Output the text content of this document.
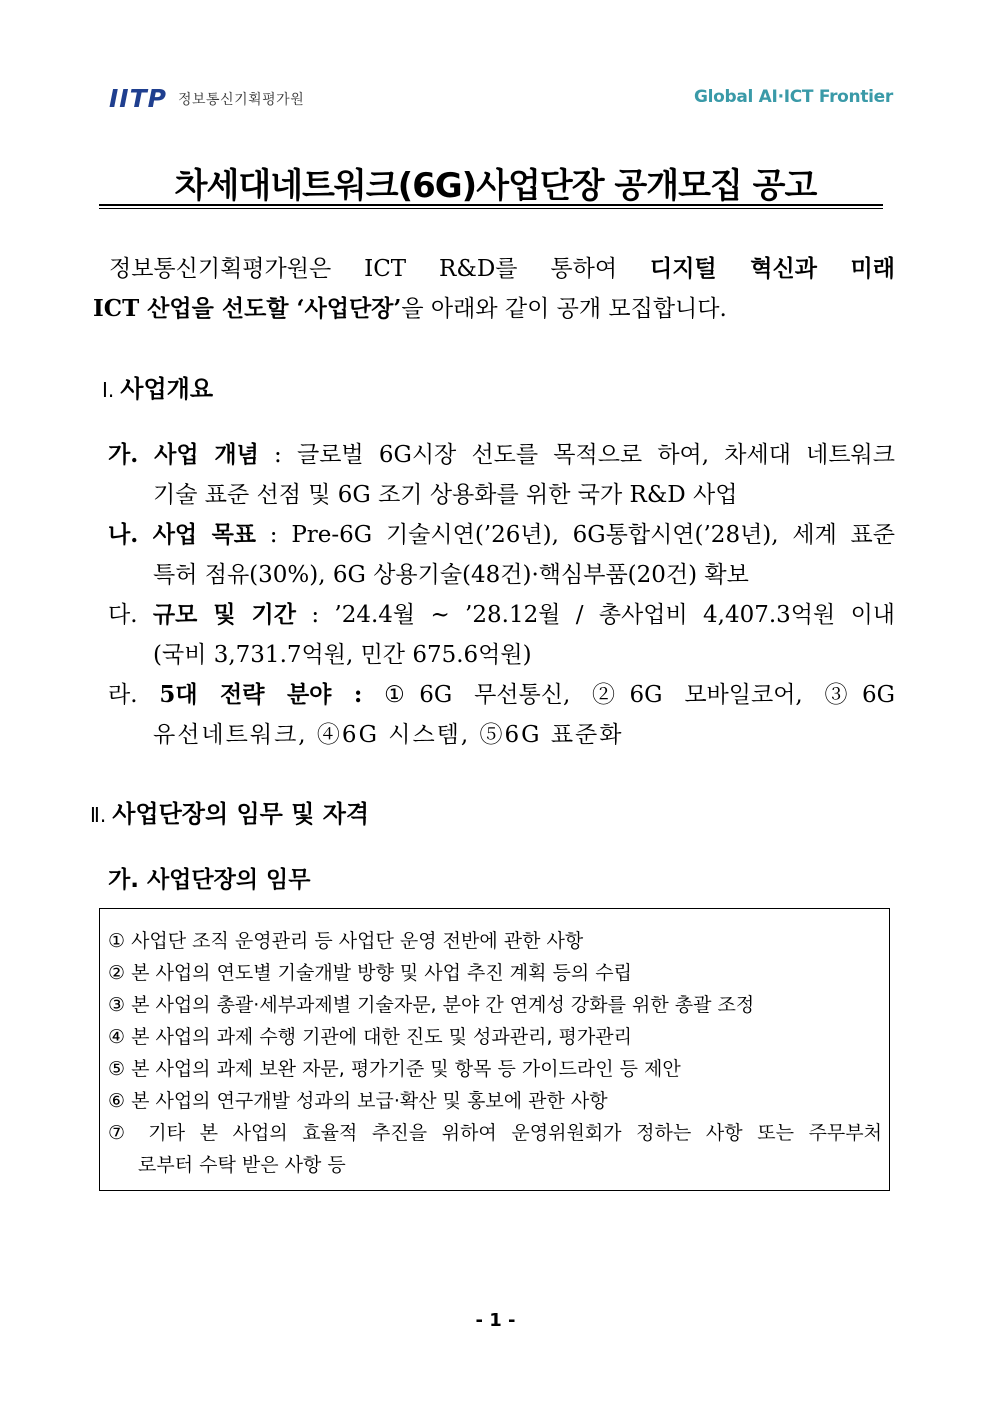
IITP 정보통신기획평가원	Global AI·ICT Frontier
차세대네트워크(6G)사업단장 공개모집 공고
정보통신기획평가원은 ICT R&D를 통하여 디지털 혁신과 미래
ICT 산업을 선도할 ‘사업단장’을 아래와 같이 공개 모집합니다.
Ⅰ. 사업개요
가. 사업 개념 : 글로벌 6G시장 선도를 목적으로 하여, 차세대 네트워크
기술 표준 선점 및 6G 조기 상용화를 위한 국가 R&D 사업
나. 사업 목표 : Pre-6G 기술시연(’26년), 6G통합시연(’28년), 세계 표준
특허 점유(30%), 6G 상용기술(48건)·핵심부품(20건) 확보
다. 규모 및 기간 : ’24.4월 ~ ’28.12월 / 총사업비 4,407.3억원 이내
(국비 3,731.7억원, 민간 675.6억원)
라. 5대 전략 분야 : ①6G 무선통신, ②6G 모바일코어, ③6G
유선네트워크, ④6G 시스템, ⑤6G 표준화
Ⅱ. 사업단장의 임무 및 자격
가. 사업단장의 임무
① 사업단 조직 운영관리 등 사업단 운영 전반에 관한 사항
② 본 사업의 연도별 기술개발 방향 및 사업 추진 계획 등의 수립
③ 본 사업의 총괄‧세부과제별 기술자문, 분야 간 연계성 강화를 위한 총괄 조정
④ 본 사업의 과제 수행 기관에 대한 진도 및 성과관리, 평가관리
⑤ 본 사업의 과제 보완 자문, 평가기준 및 항목 등 가이드라인 등 제안
⑥ 본 사업의 연구개발 성과의 보급‧확산 및 홍보에 관한 사항
⑦ 기타 본 사업의 효율적 추진을 위하여 운영위원회가 정하는 사항 또는 주무부처
로부터 수탁 받은 사항 등
- 1 -
